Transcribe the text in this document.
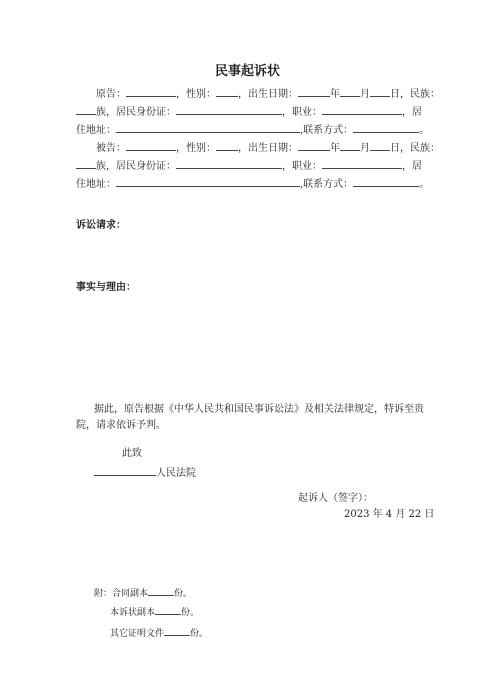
民事起诉状
原告：	，性别： ，出生日期：	年 月 日，民族：
族，居民身份证：	，职业：	，居
住地址：	,联系方式：	。
被告：	，性别： ，出生日期：	年 月 日，民族：
族，居民身份证：	，职业：	，居
住地址：	,联系方式：	。
诉讼请求：
事实与理由：
据此，原告根据《中华人民共和国民事诉讼法》及相关法律规定，特诉至贵
院，请求依诉予判。
此致
人民法院
起诉人（签字）：
2023 年 4 月 22 日
附：合同副本	份。
本诉状副本	份。
其它证明文件	份。
